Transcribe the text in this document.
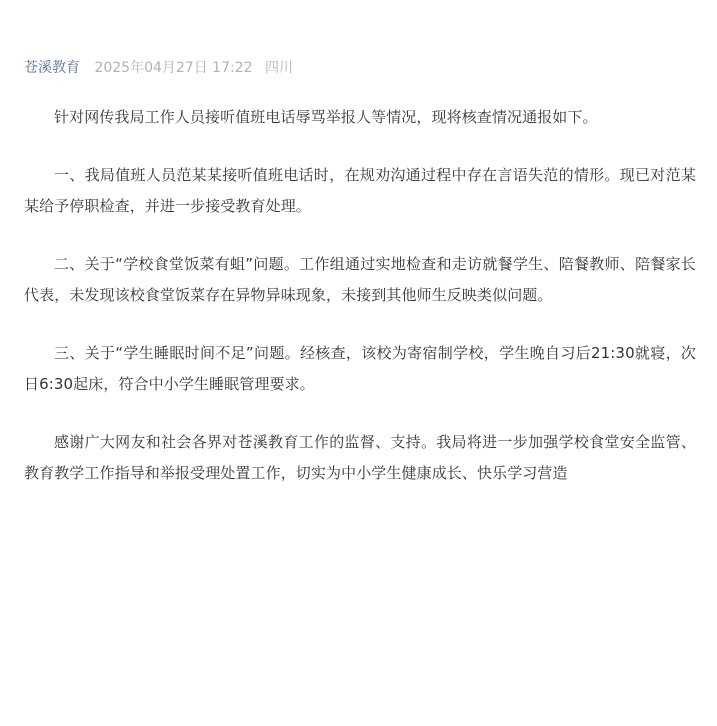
苍溪教育 2025年04月27日 17:22 四川

针对网传我局工作人员接听值班电话辱骂举报人等情况，现将核查情况通报如下。

一、我局值班人员范某某接听值班电话时，在规劝沟通过程中存在言语失范的情形。现已对范某某给予停职检查，并进一步接受教育处理。

二、关于“学校食堂饭菜有蛆”问题。工作组通过实地检查和走访就餐学生、陪餐教师、陪餐家长代表，未发现该校食堂饭菜存在异物异味现象，未接到其他师生反映类似问题。

三、关于“学生睡眠时间不足”问题。经核查，该校为寄宿制学校，学生晚自习后21:30就寝，次日6:30起床，符合中小学生睡眠管理要求。

感谢广大网友和社会各界对苍溪教育工作的监督、支持。我局将进一步加强学校食堂安全监管、教育教学工作指导和举报受理处置工作，切实为中小学生健康成长、快乐学习营造
